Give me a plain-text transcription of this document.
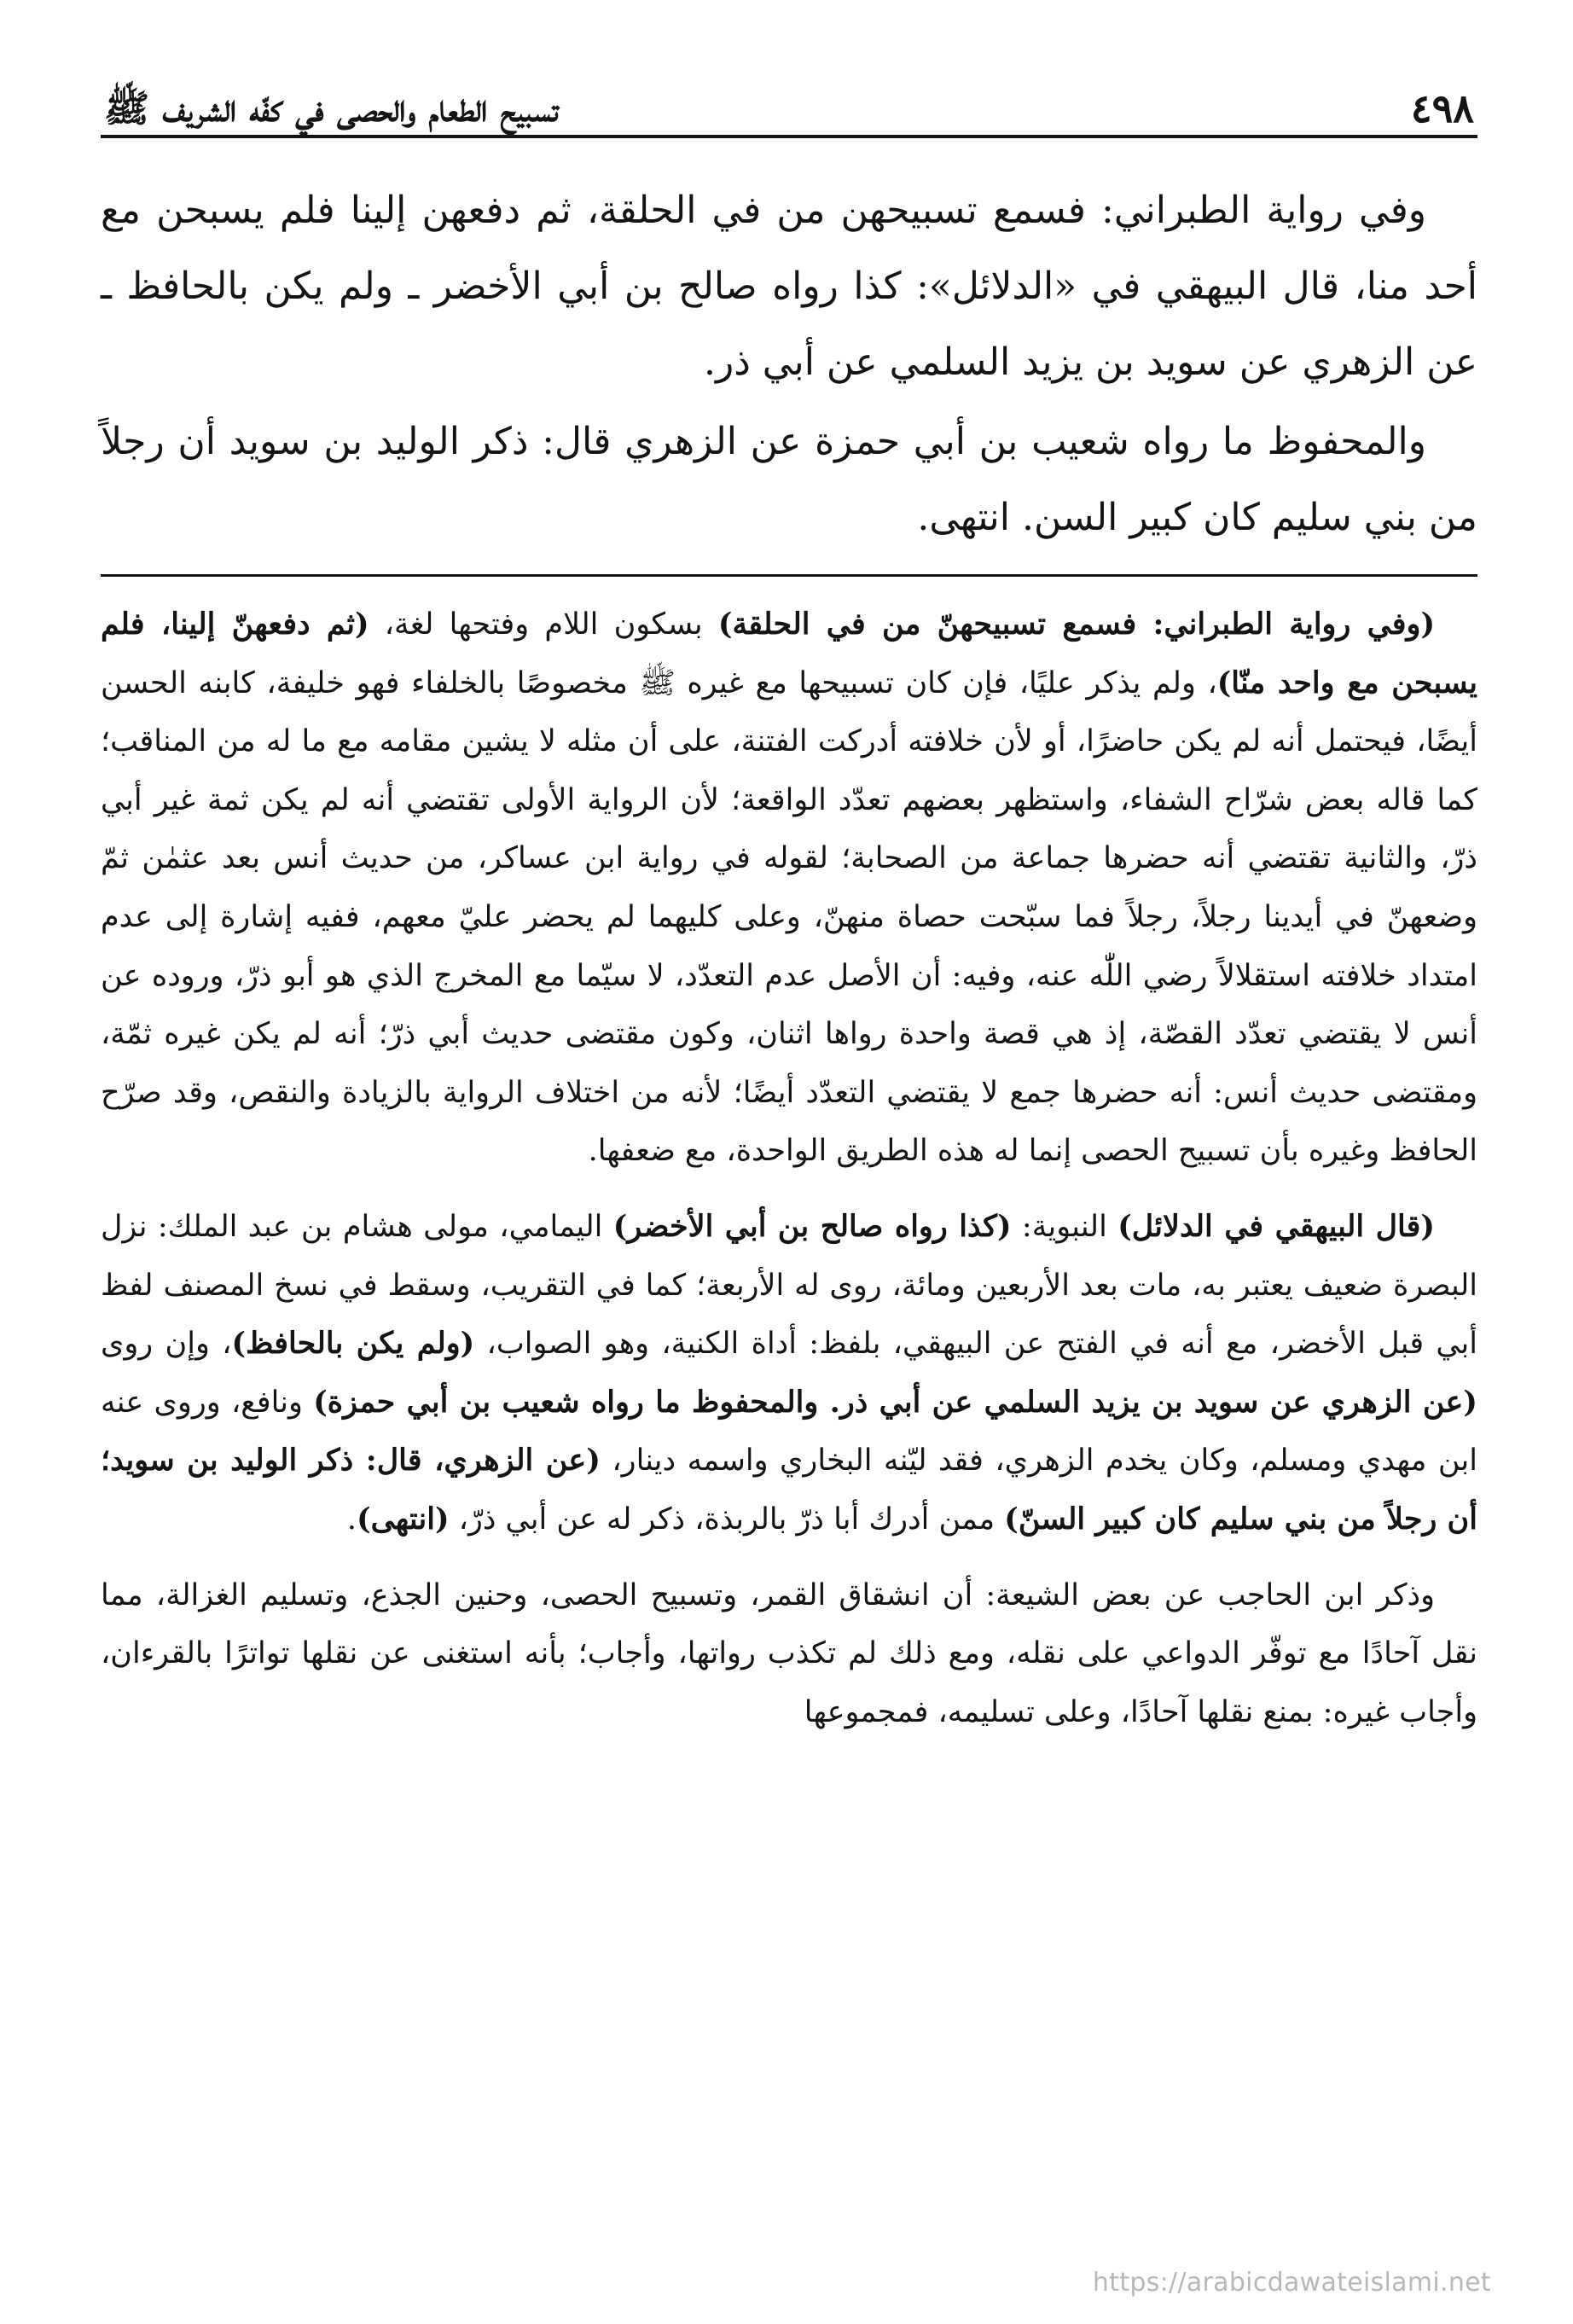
٤٩٨
تسبيح الطعام والحصى في كفّه الشريف ﷺ

وفي رواية الطبراني: فسمع تسبيحهن من في الحلقة، ثم دفعهن إلينا فلم يسبحن مع أحد منا، قال البيهقي في «الدلائل»: كذا رواه صالح بن أبي الأخضر ـ ولم يكن بالحافظ ـ عن الزهري عن سويد بن يزيد السلمي عن أبي ذر.

والمحفوظ ما رواه شعيب بن أبي حمزة عن الزهري قال: ذكر الوليد بن سويد أن رجلاً من بني سليم كان كبير السن. انتهى.

(وفي رواية الطبراني: فسمع تسبيحهنّ من في الحلقة) بسكون اللام وفتحها لغة، (ثم دفعهنّ إلينا، فلم يسبحن مع واحد منّا)، ولم يذكر عليًا، فإن كان تسبيحها مع غيره ﷺ مخصوصًا بالخلفاء فهو خليفة، كابنه الحسن أيضًا، فيحتمل أنه لم يكن حاضرًا، أو لأن خلافته أدركت الفتنة، على أن مثله لا يشين مقامه مع ما له من المناقب؛ كما قاله بعض شرّاح الشفاء، واستظهر بعضهم تعدّد الواقعة؛ لأن الرواية الأولى تقتضي أنه لم يكن ثمة غير أبي ذرّ، والثانية تقتضي أنه حضرها جماعة من الصحابة؛ لقوله في رواية ابن عساكر، من حديث أنس بعد عثمٰن ثمّ وضعهنّ في أيدينا رجلاً، رجلاً فما سبّحت حصاة منهنّ، وعلى كليهما لم يحضر عليّ معهم، ففيه إشارة إلى عدم امتداد خلافته استقلالاً رضي اللّٰه عنه، وفيه: أن الأصل عدم التعدّد، لا سيّما مع المخرج الذي هو أبو ذرّ، وروده عن أنس لا يقتضي تعدّد القصّة، إذ هي قصة واحدة رواها اثنان، وكون مقتضى حديث أبي ذرّ؛ أنه لم يكن غيره ثمّة، ومقتضى حديث أنس: أنه حضرها جمع لا يقتضي التعدّد أيضًا؛ لأنه من اختلاف الرواية بالزيادة والنقص، وقد صرّح الحافظ وغيره بأن تسبيح الحصى إنما له هذه الطريق الواحدة، مع ضعفها.

(قال البيهقي في الدلائل) النبوية: (كذا رواه صالح بن أبي الأخضر) اليمامي، مولى هشام بن عبد الملك: نزل البصرة ضعيف يعتبر به، مات بعد الأربعين ومائة، روى له الأربعة؛ كما في التقريب، وسقط في نسخ المصنف لفظ أبي قبل الأخضر، مع أنه في الفتح عن البيهقي، بلفظ: أداة الكنية، وهو الصواب، (ولم يكن بالحافظ)، وإن روى (عن الزهري عن سويد بن يزيد السلمي عن أبي ذر. والمحفوظ ما رواه شعيب بن أبي حمزة) ونافع، وروى عنه ابن مهدي ومسلم، وكان يخدم الزهري، فقد ليّنه البخاري واسمه دينار، (عن الزهري، قال: ذكر الوليد بن سويد؛ أن رجلاً من بني سليم كان كبير السنّ) ممن أدرك أبا ذرّ بالربذة، ذكر له عن أبي ذرّ، (انتهى).

وذكر ابن الحاجب عن بعض الشيعة: أن انشقاق القمر، وتسبيح الحصى، وحنين الجذع، وتسليم الغزالة، مما نقل آحادًا مع توفّر الدواعي على نقله، ومع ذلك لم تكذب رواتها، وأجاب؛ بأنه استغنى عن نقلها تواترًا بالقرءان، وأجاب غيره: بمنع نقلها آحادًا، وعلى تسليمه، فمجموعها

https://arabicdawateislami.net
